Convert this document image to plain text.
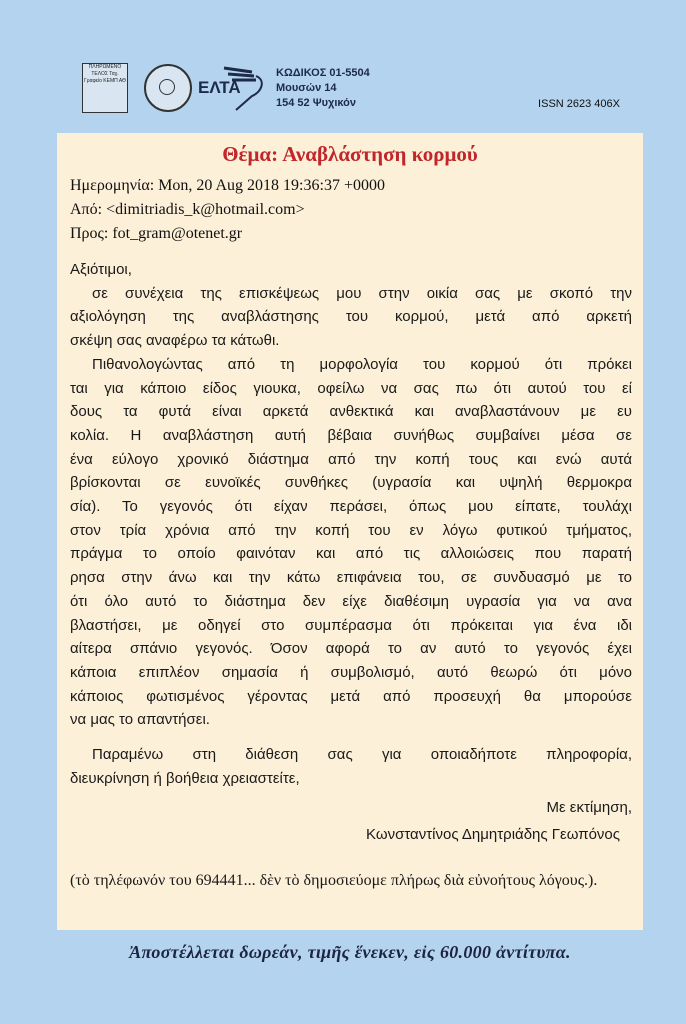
ΠΛΗΡΩΜΕΝΟ ΤΕΛΟΣ Ταχ. Γραφείο ΚΕΜΠ ΑΘ	ΕΛΤΑ
ΚΩΔΙΚΟΣ 01-5504
Μουσών 14
154 52 Ψυχικόν	ISSN 2623 406X
Θέμα: Αναβλάστηση κορμού
Ημερομηνία: Mon, 20 Aug 2018 19:36:37 +0000
Από: <dimitriadis_k@hotmail.com>
Προς: fot_gram@otenet.gr
Αξιότιμοι,
σε συνέχεια της επισκέψεως μου στην οικία σας με σκοπό την
αξιολόγηση της αναβλάστησης του κορμού, μετά από αρκετή
σκέψη σας αναφέρω τα κάτωθι.
Πιθανολογώντας από τη μορφολογία του κορμού ότι πρόκει
ται για κάποιο είδος γιουκα, οφείλω να σας πω ότι αυτού του εί
δους τα φυτά είναι αρκετά ανθεκτικά και αναβλαστάνουν με ευ
κολία. Η αναβλάστηση αυτή βέβαια συνήθως συμβαίνει μέσα σε
ένα εύλογο χρονικό διάστημα από την κοπή τους και ενώ αυτά
βρίσκονται σε ευνοϊκές συνθήκες (υγρασία και υψηλή θερμοκρα
σία). Το γεγονός ότι είχαν περάσει, όπως μου είπατε, τουλάχι
στον τρία χρόνια από την κοπή του εν λόγω φυτικού τμήματος,
πράγμα το οποίο φαινόταν και από τις αλλοιώσεις που παρατή
ρησα στην άνω και την κάτω επιφάνεια του, σε συνδυασμό με το
ότι όλο αυτό το διάστημα δεν είχε διαθέσιμη υγρασία για να ανα
βλαστήσει, με οδηγεί στο συμπέρασμα ότι πρόκειται για ένα ιδι
αίτερα σπάνιο γεγονός. Όσον αφορά το αν αυτό το γεγονός έχει
κάποια επιπλέον σημασία ή συμβολισμό, αυτό θεωρώ ότι μόνο
κάποιος φωτισμένος γέροντας μετά από προσευχή θα μπορούσε
να μας το απαντήσει.
Παραμένω στη διάθεση σας για οποιαδήποτε πληροφορία,
διευκρίνηση ή βοήθεια χρειαστείτε,
Με εκτίμηση,
Κωνσταντίνος Δημητριάδης Γεωπόνος
(τὸ τηλέφωνόν του 694441... δὲν τὸ δημοσιεύομε πλήρως διὰ εὐνοήτους λόγους.).
Ἀποστέλλεται δωρεάν, τιμῆς ἕνεκεν, εἰς 60.000 ἀντίτυπα.
